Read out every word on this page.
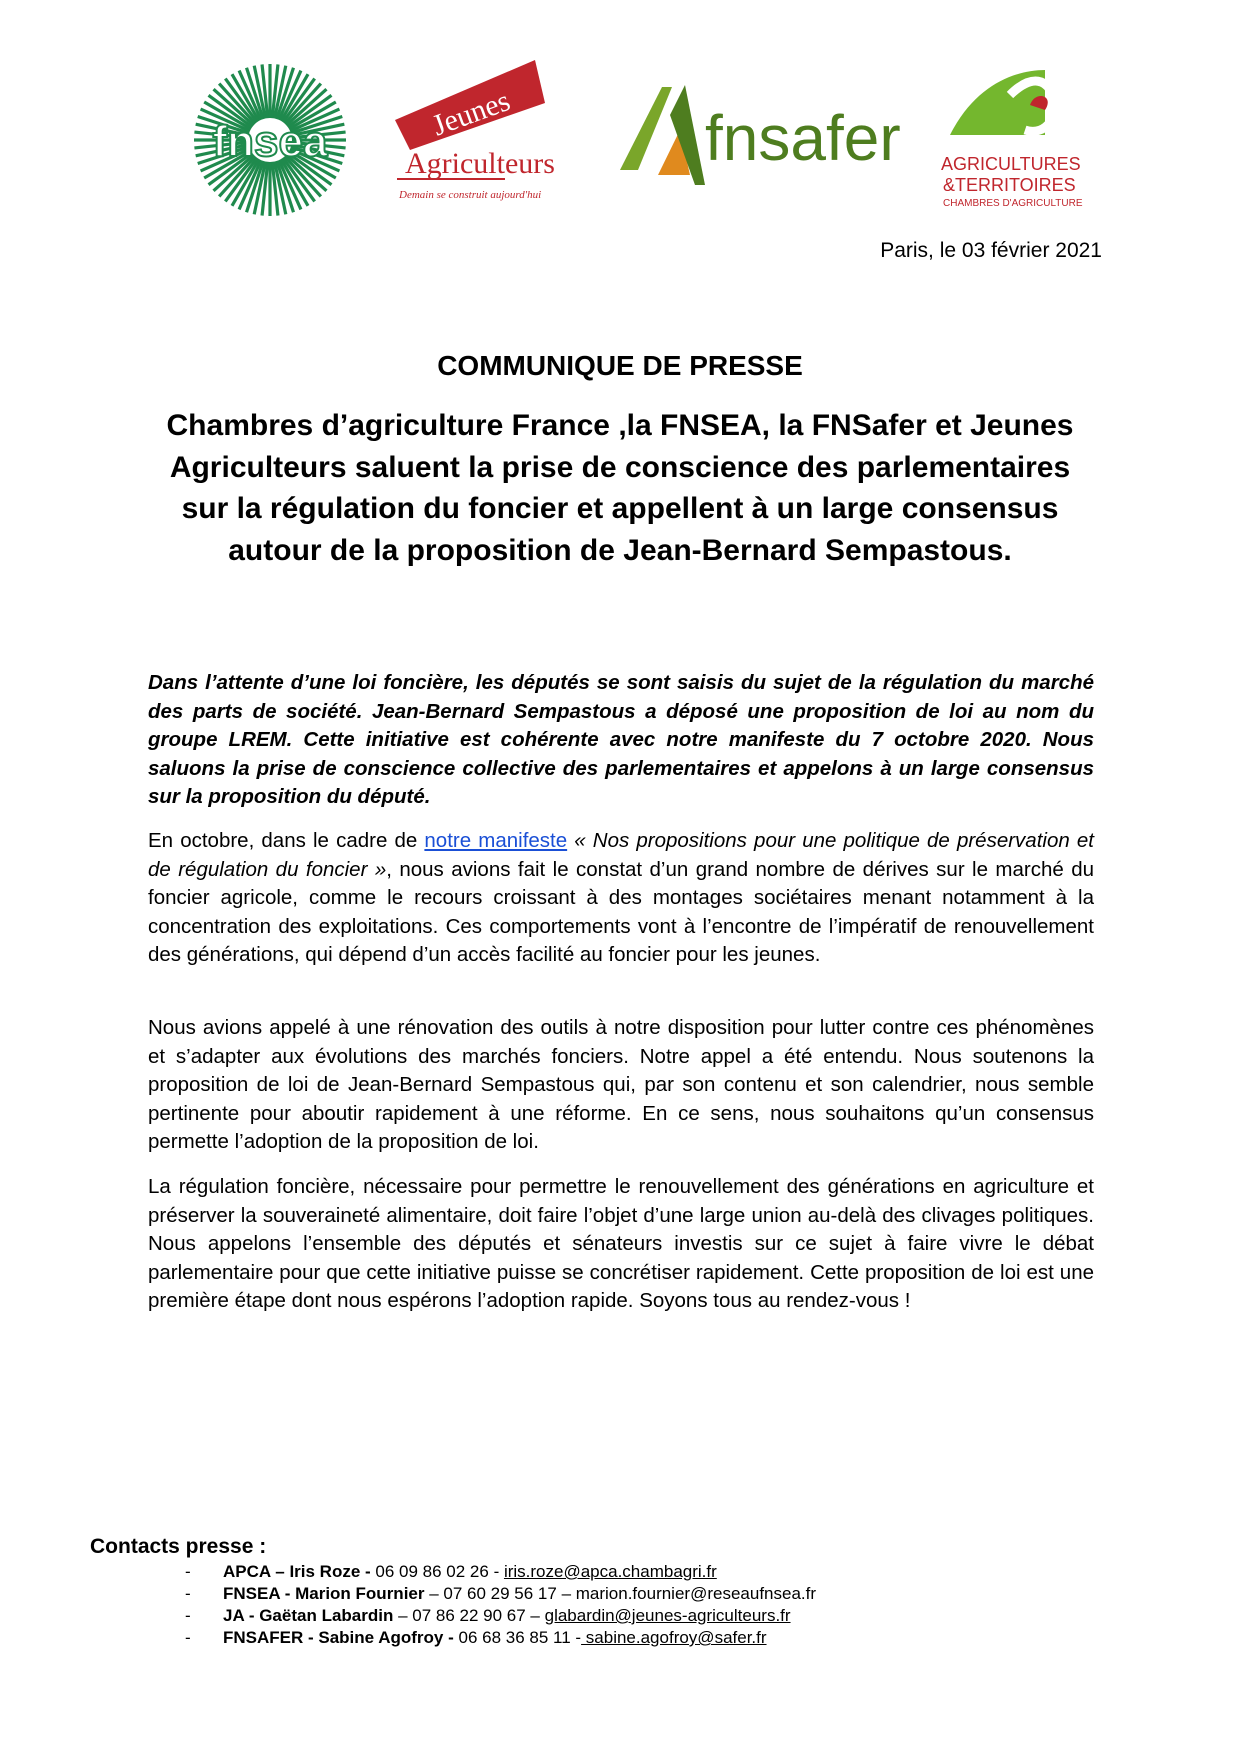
fnsea	Jeunes
Agriculteurs
Demain se construit aujourd'hui
fnsafer AGRICULTURES
&TERRITOIRES
CHAMBRES D'AGRICULTURE
Paris, le 03 février 2021
COMMUNIQUE DE PRESSE
Chambres d’agriculture France ,la FNSEA, la FNSafer et Jeunes Agriculteurs saluent la prise de conscience des parlementaires sur la régulation du foncier et appellent à un large consensus autour de la proposition de Jean-Bernard Sempastous.
Dans l’attente d’une loi foncière, les députés se sont saisis du sujet de la régulation du marché des parts de société. Jean-Bernard Sempastous a déposé une proposition de loi au nom du groupe LREM. Cette initiative est cohérente avec notre manifeste du 7 octobre 2020. Nous saluons la prise de conscience collective des parlementaires et appelons à un large consensus sur la proposition du député.
En octobre, dans le cadre de notre manifeste « Nos propositions pour une politique de préservation et de régulation du foncier », nous avions fait le constat d’un grand nombre de dérives sur le marché du foncier agricole, comme le recours croissant à des montages sociétaires menant notamment à la concentration des exploitations. Ces comportements vont à l’encontre de l’impératif de renouvellement des générations, qui dépend d’un accès facilité au foncier pour les jeunes.
Nous avions appelé à une rénovation des outils à notre disposition pour lutter contre ces phénomènes et s’adapter aux évolutions des marchés fonciers. Notre appel a été entendu. Nous soutenons la proposition de loi de Jean-Bernard Sempastous qui, par son contenu et son calendrier, nous semble pertinente pour aboutir rapidement à une réforme. En ce sens, nous souhaitons qu’un consensus permette l’adoption de la proposition de loi.
La régulation foncière, nécessaire pour permettre le renouvellement des générations en agriculture et préserver la souveraineté alimentaire, doit faire l’objet d’une large union au-delà des clivages politiques. Nous appelons l’ensemble des députés et sénateurs investis sur ce sujet à faire vivre le débat parlementaire pour que cette initiative puisse se concrétiser rapidement. Cette proposition de loi est une première étape dont nous espérons l’adoption rapide. Soyons tous au rendez-vous !
Contacts presse :
- APCA – Iris Roze - 06 09 86 02 26 - iris.roze@apca.chambagri.fr
- FNSEA - Marion Fournier – 07 60 29 56 17 – marion.fournier@reseaufnsea.fr
- JA - Gaëtan Labardin – 07 86 22 90 67 – glabardin@jeunes-agriculteurs.fr
- FNSAFER - Sabine Agofroy - 06 68 36 85 11 - sabine.agofroy@safer.fr
